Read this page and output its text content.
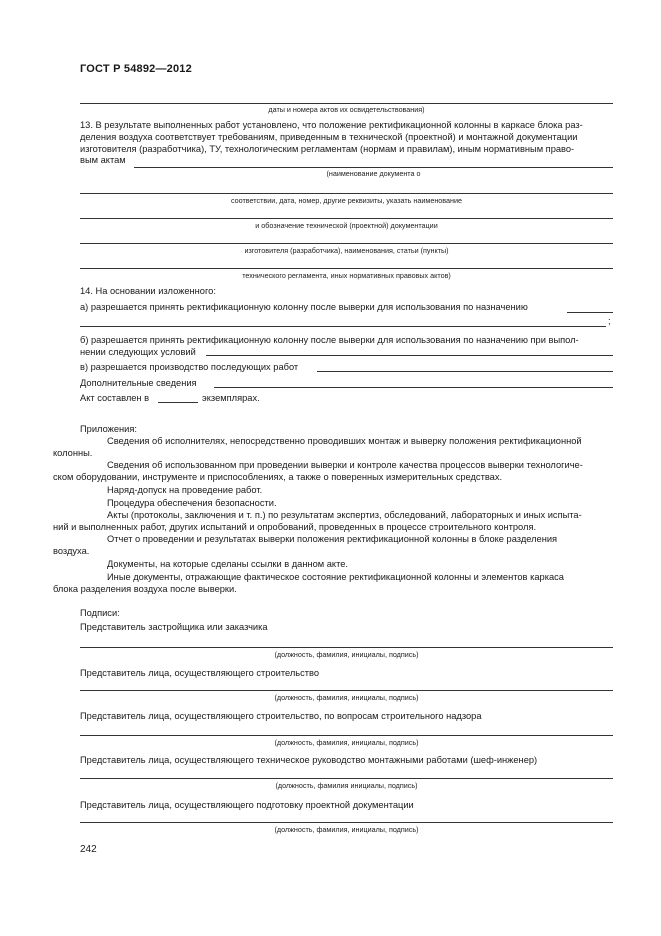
ГОСТ Р 54892—2012
даты и номера актов их освидетельствования)
13. В результате выполненных работ установлено, что положение ректификационной колонны в каркасе блока раз-
деления воздуха соответствует требованиям, приведенным в технической (проектной) и монтажной документации
изготовителя (разработчика), ТУ, технологическим регламентам (нормам и правилам), иным нормативным право-
вым актам
(наименование документа о
соответствии, дата, номер, другие реквизиты, указать наименование
и обозначение технической (проектной) документации
изготовителя (разработчика), наименования, статьи (пункты)
технического регламента, иных нормативных правовых актов)
14. На основании изложенного:
а) разрешается принять ректификационную колонну после выверки для использования по назначению
;
б) разрешается принять ректификационную колонну после выверки для использования по назначению при выпол-
нении следующих условий
в) разрешается производство последующих работ
Дополнительные сведения
Акт составлен в	экземплярах.
Приложения:
Сведения об исполнителях, непосредственно проводивших монтаж и выверку положения ректификационной
колонны.
Сведения об использованном при проведении выверки и контроле качества процессов выверки технологиче-
ском оборудовании, инструменте и приспособлениях, а также о поверенных измерительных средствах.
Наряд-допуск на проведение работ.
Процедура обеспечения безопасности.
Акты (протоколы, заключения и т. п.) по результатам экспертиз, обследований, лабораторных и иных испыта-
ний и выполненных работ, других испытаний и опробований, проведенных в процессе строительного контроля.
Отчет о проведении и результатах выверки положения ректификационной колонны в блоке разделения
воздуха.
Документы, на которые сделаны ссылки в данном акте.
Иные документы, отражающие фактическое состояние ректификационной колонны и элементов каркаса
блока разделения воздуха после выверки.
Подписи:
Представитель застройщика или заказчика
(должность, фамилия, инициалы, подпись)
Представитель лица, осуществляющего строительство
(должность, фамилия, инициалы, подпись)
Представитель лица, осуществляющего строительство, по вопросам строительного надзора
(должность, фамилия, инициалы, подпись)
Представитель лица, осуществляющего техническое руководство монтажными работами (шеф-инженер)
(должность, фамилия инициалы, подпись)
Представитель лица, осуществляющего подготовку проектной документации
(должность, фамилия, инициалы, подпись)
242
